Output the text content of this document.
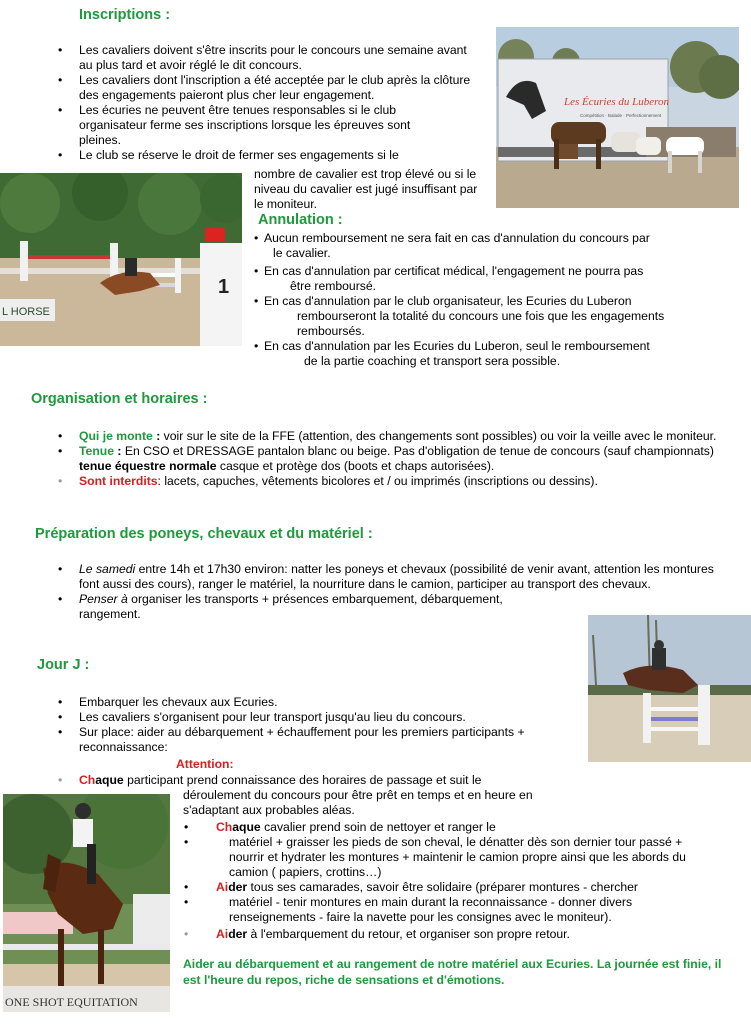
Les Écuries du Luberon
Compétition · Balade · Perfectionnement
1
L HORSE
ONE SHOT EQUITATION
Inscriptions :
• Les cavaliers doivent s'être inscrits pour le concours une semaine avant au plus tard et avoir réglé le dit concours.
• Les cavaliers dont l'inscription a été acceptée par le club après la clôture des engagements paieront plus cher leur engagement.
• Les écuries ne peuvent être tenues responsables si le club organisateur ferme ses inscriptions lorsque les épreuves sont pleines.
• Le club se réserve le droit de fermer ses engagements si le
nombre de cavalier est trop élevé ou si le niveau du cavalier est jugé insuffisant par le moniteur.
Annulation :
• Aucun remboursement ne sera fait en cas d'annulation du concours par
le cavalier.
• En cas d'annulation par certificat médical, l'engagement ne pourra pas
être remboursé.
• En cas d'annulation par le club organisateur, les Ecuries du Luberon
rembourseront la totalité du concours une fois que les engagements remboursés.
• En cas d'annulation par les Ecuries du Luberon, seul le remboursement
de la partie coaching et transport sera possible.
Organisation et horaires :
• Qui je monte : voir sur le site de la FFE (attention, des changements sont possibles) ou voir la veille avec le moniteur.
• Tenue : En CSO et DRESSAGE pantalon blanc ou beige. Pas d'obligation de tenue de concours (sauf championnats) tenue équestre normale casque et protège dos (boots et chaps autorisées).
• Sont interdits: lacets, capuches, vêtements bicolores et / ou imprimés (inscriptions ou dessins).
Préparation des poneys, chevaux et du matériel :
• Le samedi entre 14h et 17h30 environ: natter les poneys et chevaux (possibilité de venir avant, attention les montures font aussi des cours), ranger le matériel, la nourriture dans le camion, participer au transport des chevaux.
• Penser à organiser les transports + présences embarquement, débarquement, rangement.
Jour J :
• Embarquer les chevaux aux Ecuries.
• Les cavaliers s'organisent pour leur transport jusqu'au lieu du concours.
• Sur place: aider au débarquement + échauffement pour les premiers participants + reconnaissance:
Attention:
• Chaque participant prend connaissance des horaires de passage et suit le
déroulement du concours pour être prêt en temps et en heure en s'adaptant aux probables aléas.
• Chaque cavalier prend soin de nettoyer et ranger le
• matériel + graisser les pieds de son cheval, le dénatter dès son dernier tour passé + nourrir et hydrater les montures + maintenir le camion propre ainsi que les abords du camion ( papiers, crottins…)
• Aider tous ses camarades, savoir être solidaire (préparer montures - chercher
• matériel - tenir montures en main durant la reconnaissance - donner divers renseignements - faire la navette pour les consignes avec le moniteur).
• Aider à l'embarquement du retour, et organiser son propre retour.
Aider au débarquement et au rangement de notre matériel aux Ecuries. La journée est finie, il est l'heure du repos, riche de sensations et d'émotions.
